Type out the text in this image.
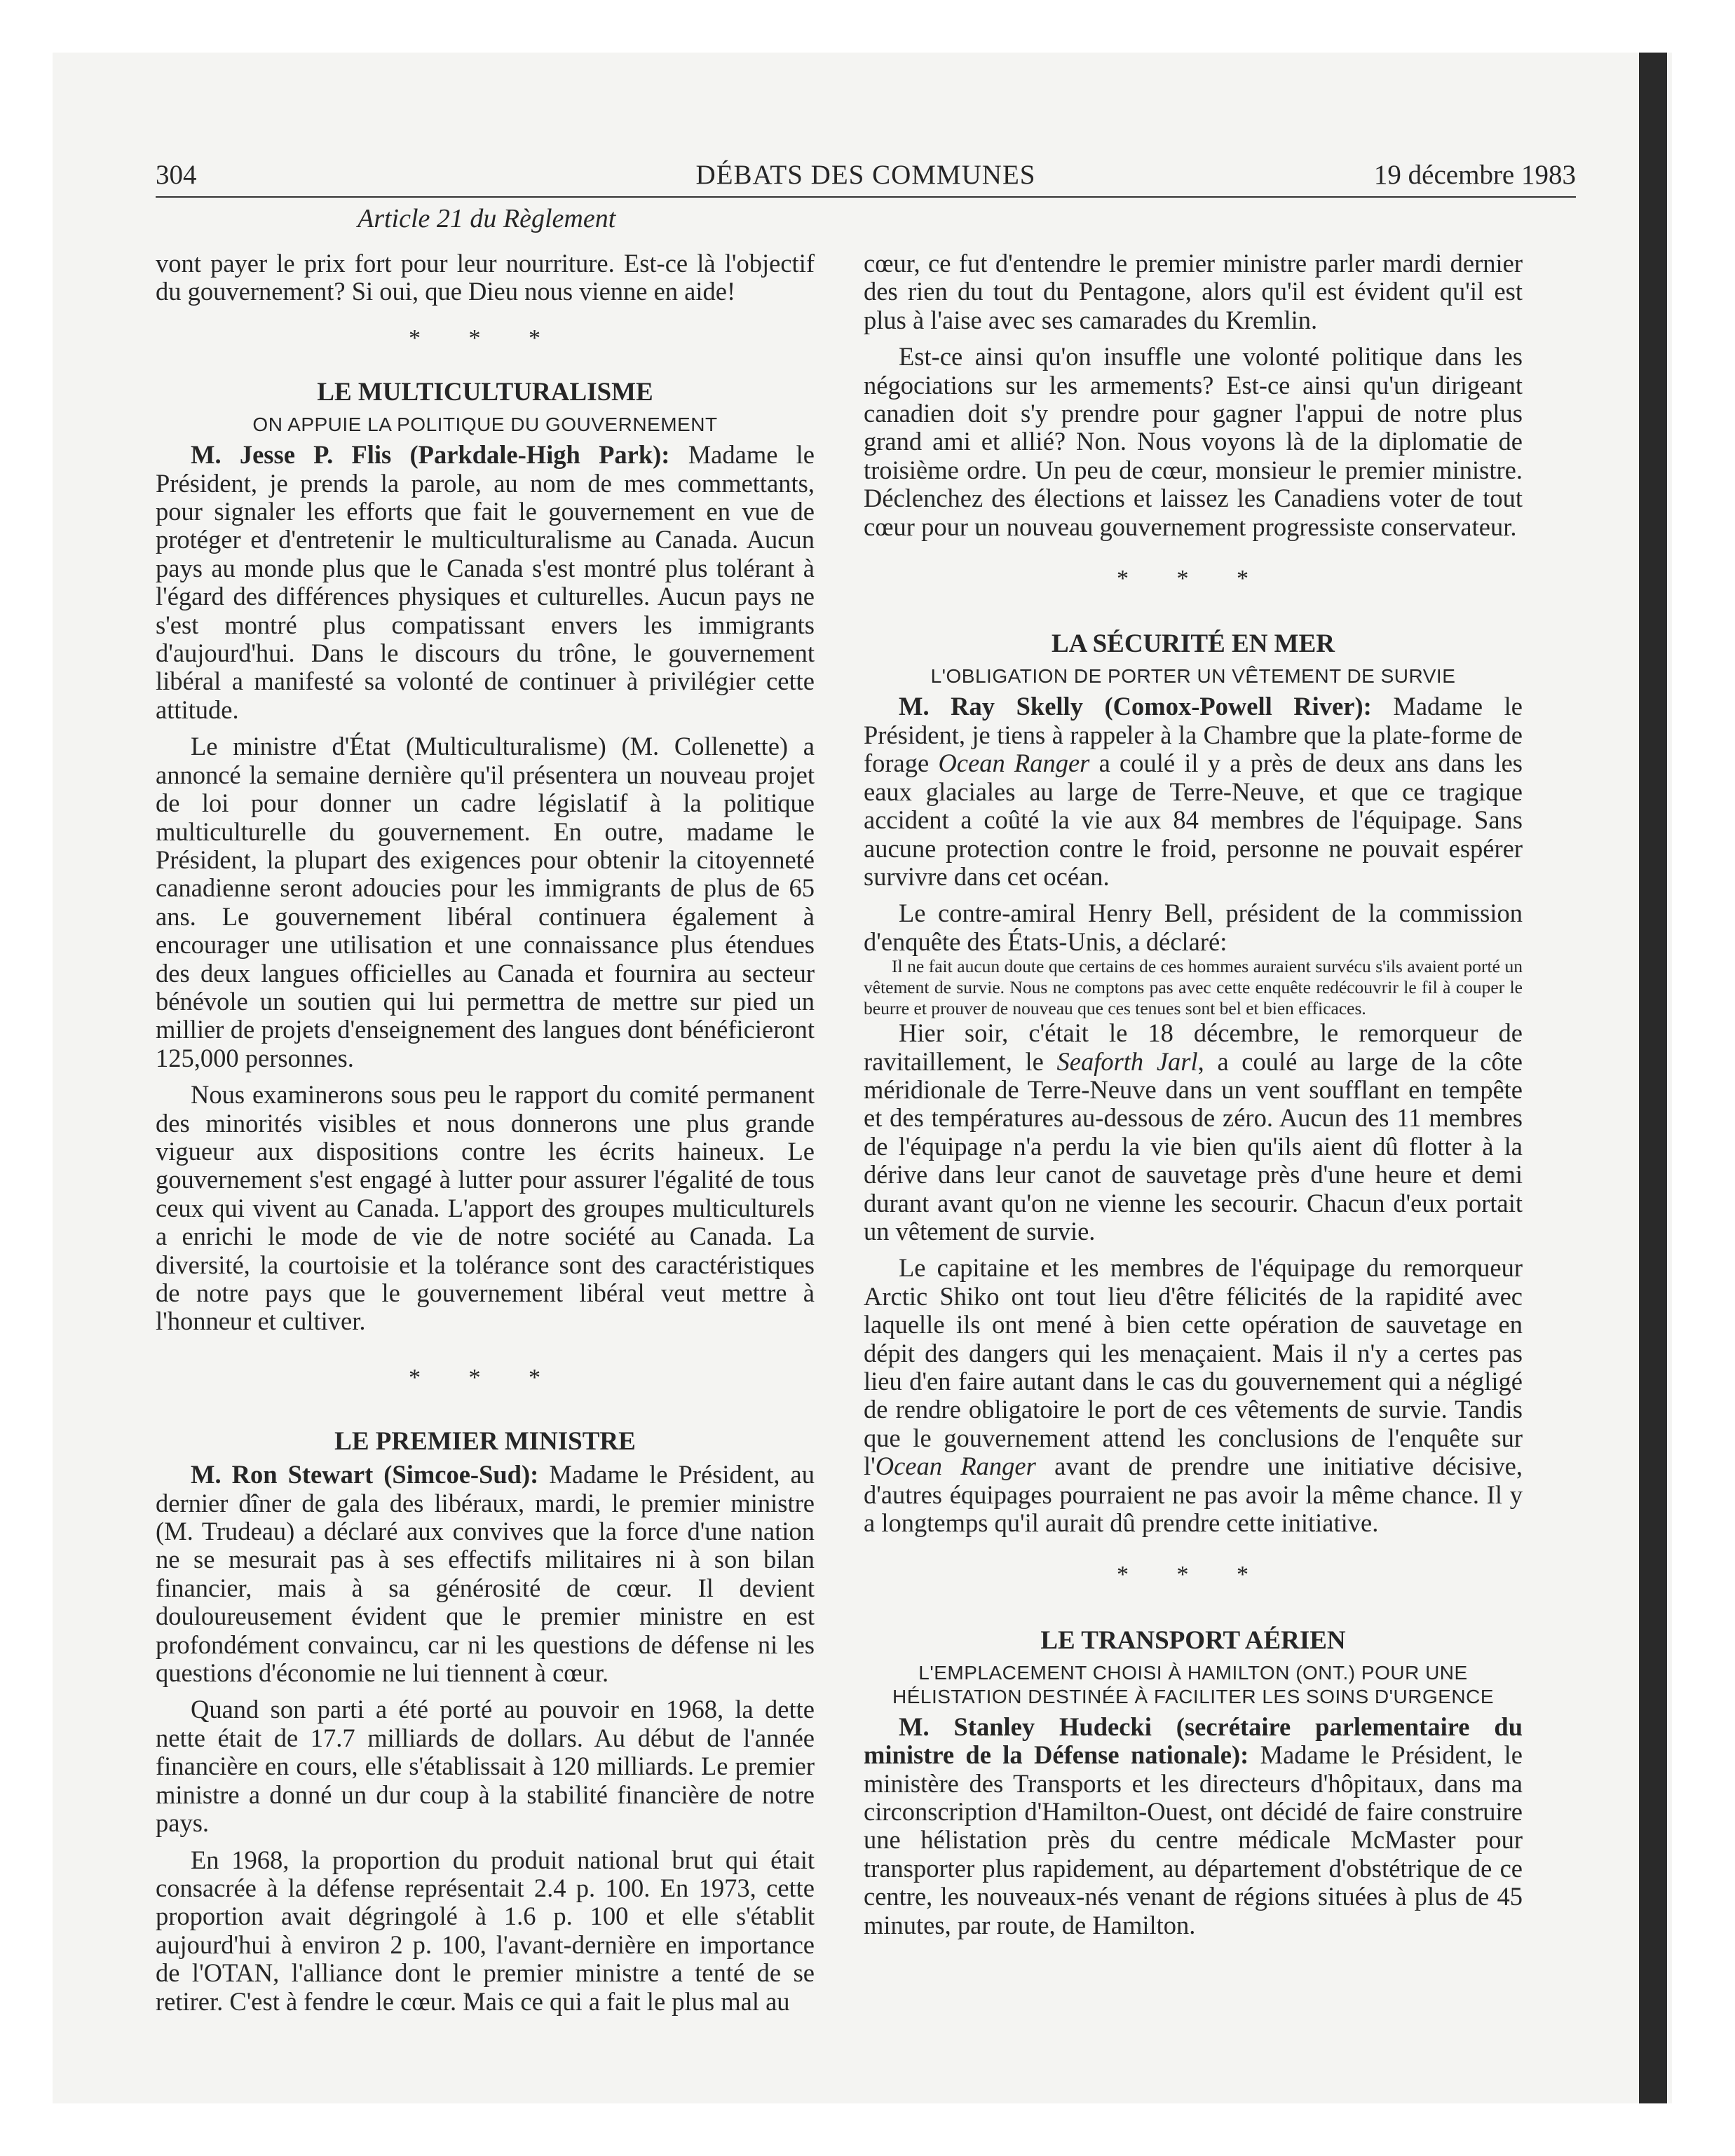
304	DÉBATS DES COMMUNES	19 décembre 1983
Article 21 du Règlement

vont payer le prix fort pour leur nourriture. Est-ce là l'objectif du gouvernement? Si oui, que Dieu nous vienne en aide!

* * *
LE MULTICULTURALISME
ON APPUIE LA POLITIQUE DU GOUVERNEMENT

M. Jesse P. Flis (Parkdale-High Park): Madame le Président, je prends la parole, au nom de mes commettants, pour signaler les efforts que fait le gouvernement en vue de protéger et d'entretenir le multiculturalisme au Canada. Aucun pays au monde plus que le Canada s'est montré plus tolérant à l'égard des différences physiques et culturelles. Aucun pays ne s'est montré plus compatissant envers les immigrants d'aujourd'hui. Dans le discours du trône, le gouvernement libéral a manifesté sa volonté de continuer à privilégier cette attitude.

Le ministre d'État (Multiculturalisme) (M. Collenette) a annoncé la semaine dernière qu'il présentera un nouveau projet de loi pour donner un cadre législatif à la politique multiculturelle du gouvernement. En outre, madame le Président, la plupart des exigences pour obtenir la citoyenneté canadienne seront adoucies pour les immigrants de plus de 65 ans. Le gouvernement libéral continuera également à encourager une utilisation et une connaissance plus étendues des deux langues officielles au Canada et fournira au secteur bénévole un soutien qui lui permettra de mettre sur pied un millier de projets d'enseignement des langues dont bénéficieront 125,000 personnes.

Nous examinerons sous peu le rapport du comité permanent des minorités visibles et nous donnerons une plus grande vigueur aux dispositions contre les écrits haineux. Le gouvernement s'est engagé à lutter pour assurer l'égalité de tous ceux qui vivent au Canada. L'apport des groupes multiculturels a enrichi le mode de vie de notre société au Canada. La diversité, la courtoisie et la tolérance sont des caractéristiques de notre pays que le gouvernement libéral veut mettre à l'honneur et cultiver.

* * *
LE PREMIER MINISTRE

M. Ron Stewart (Simcoe-Sud): Madame le Président, au dernier dîner de gala des libéraux, mardi, le premier ministre (M. Trudeau) a déclaré aux convives que la force d'une nation ne se mesurait pas à ses effectifs militaires ni à son bilan financier, mais à sa générosité de cœur. Il devient douloureusement évident que le premier ministre en est profondément convaincu, car ni les questions de défense ni les questions d'économie ne lui tiennent à cœur.

Quand son parti a été porté au pouvoir en 1968, la dette nette était de 17.7 milliards de dollars. Au début de l'année financière en cours, elle s'établissait à 120 milliards. Le premier ministre a donné un dur coup à la stabilité financière de notre pays.

En 1968, la proportion du produit national brut qui était consacrée à la défense représentait 2.4 p. 100. En 1973, cette proportion avait dégringolé à 1.6 p. 100 et elle s'établit aujourd'hui à environ 2 p. 100, l'avant-dernière en importance de l'OTAN, l'alliance dont le premier ministre a tenté de se retirer. C'est à fendre le cœur. Mais ce qui a fait le plus mal au

cœur, ce fut d'entendre le premier ministre parler mardi dernier des rien du tout du Pentagone, alors qu'il est évident qu'il est plus à l'aise avec ses camarades du Kremlin.

Est-ce ainsi qu'on insuffle une volonté politique dans les négociations sur les armements? Est-ce ainsi qu'un dirigeant canadien doit s'y prendre pour gagner l'appui de notre plus grand ami et allié? Non. Nous voyons là de la diplomatie de troisième ordre. Un peu de cœur, monsieur le premier ministre. Déclenchez des élections et laissez les Canadiens voter de tout cœur pour un nouveau gouvernement progressiste conservateur.

* * *
LA SÉCURITÉ EN MER
L'OBLIGATION DE PORTER UN VÊTEMENT DE SURVIE

M. Ray Skelly (Comox-Powell River): Madame le Président, je tiens à rappeler à la Chambre que la plate-forme de forage Ocean Ranger a coulé il y a près de deux ans dans les eaux glaciales au large de Terre-Neuve, et que ce tragique accident a coûté la vie aux 84 membres de l'équipage. Sans aucune protection contre le froid, personne ne pouvait espérer survivre dans cet océan.

Le contre-amiral Henry Bell, président de la commission d'enquête des États-Unis, a déclaré:

Il ne fait aucun doute que certains de ces hommes auraient survécu s'ils avaient porté un vêtement de survie. Nous ne comptons pas avec cette enquête redécouvrir le fil à couper le beurre et prouver de nouveau que ces tenues sont bel et bien efficaces.

Hier soir, c'était le 18 décembre, le remorqueur de ravitaillement, le Seaforth Jarl, a coulé au large de la côte méridionale de Terre-Neuve dans un vent soufflant en tempête et des températures au-dessous de zéro. Aucun des 11 membres de l'équipage n'a perdu la vie bien qu'ils aient dû flotter à la dérive dans leur canot de sauvetage près d'une heure et demi durant avant qu'on ne vienne les secourir. Chacun d'eux portait un vêtement de survie.

Le capitaine et les membres de l'équipage du remorqueur Arctic Shiko ont tout lieu d'être félicités de la rapidité avec laquelle ils ont mené à bien cette opération de sauvetage en dépit des dangers qui les menaçaient. Mais il n'y a certes pas lieu d'en faire autant dans le cas du gouvernement qui a négligé de rendre obligatoire le port de ces vêtements de survie. Tandis que le gouvernement attend les conclusions de l'enquête sur l'Ocean Ranger avant de prendre une initiative décisive, d'autres équipages pourraient ne pas avoir la même chance. Il y a longtemps qu'il aurait dû prendre cette initiative.

* * *
LE TRANSPORT AÉRIEN
L'EMPLACEMENT CHOISI À HAMILTON (ONT.) POUR UNE
HÉLISTATION DESTINÉE À FACILITER LES SOINS D'URGENCE

M. Stanley Hudecki (secrétaire parlementaire du ministre de la Défense nationale): Madame le Président, le ministère des Transports et les directeurs d'hôpitaux, dans ma circonscription d'Hamilton-Ouest, ont décidé de faire construire une hélistation près du centre médicale McMaster pour transporter plus rapidement, au département d'obstétrique de ce centre, les nouveaux-nés venant de régions situées à plus de 45 minutes, par route, de Hamilton.
